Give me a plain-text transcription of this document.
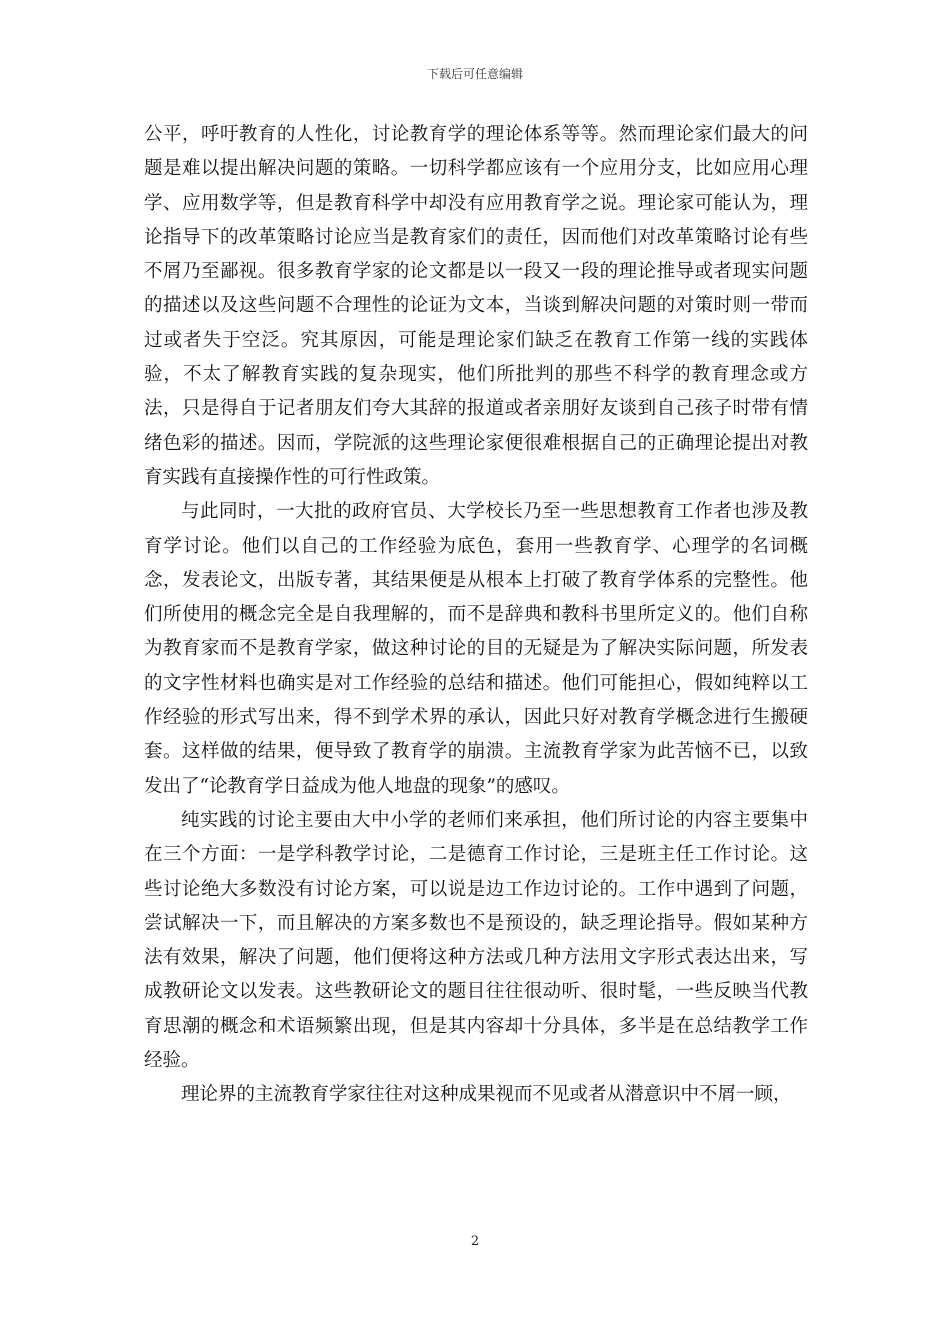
下载后可任意编辑

公平，呼吁教育的人性化，讨论教育学的理论体系等等。然而理论家们最大的问题是难以提出解决问题的策略。一切科学都应该有一个应用分支，比如应用心理学、应用数学等，但是教育科学中却没有应用教育学之说。理论家可能认为，理论指导下的改革策略讨论应当是教育家们的责任，因而他们对改革策略讨论有些不屑乃至鄙视。很多教育学家的论文都是以一段又一段的理论推导或者现实问题的描述以及这些问题不合理性的论证为文本，当谈到解决问题的对策时则一带而过或者失于空泛。究其原因，可能是理论家们缺乏在教育工作第一线的实践体验，不太了解教育实践的复杂现实，他们所批判的那些不科学的教育理念或方法，只是得自于记者朋友们夸大其辞的报道或者亲朋好友谈到自己孩子时带有情绪色彩的描述。因而，学院派的这些理论家便很难根据自己的正确理论提出对教育实践有直接操作性的可行性政策。

与此同时，一大批的政府官员、大学校长乃至一些思想教育工作者也涉及教育学讨论。他们以自己的工作经验为底色，套用一些教育学、心理学的名词概念，发表论文，出版专著，其结果便是从根本上打破了教育学体系的完整性。他们所使用的概念完全是自我理解的，而不是辞典和教科书里所定义的。他们自称为教育家而不是教育学家，做这种讨论的目的无疑是为了解决实际问题，所发表的文字性材料也确实是对工作经验的总结和描述。他们可能担心，假如纯粹以工作经验的形式写出来，得不到学术界的承认，因此只好对教育学概念进行生搬硬套。这样做的结果，便导致了教育学的崩溃。主流教育学家为此苦恼不已，以致发出了“论教育学日益成为他人地盘的现象”的感叹。

纯实践的讨论主要由大中小学的老师们来承担，他们所讨论的内容主要集中在三个方面：一是学科教学讨论，二是德育工作讨论，三是班主任工作讨论。这些讨论绝大多数没有讨论方案，可以说是边工作边讨论的。工作中遇到了问题，尝试解决一下，而且解决的方案多数也不是预设的，缺乏理论指导。假如某种方法有效果，解决了问题，他们便将这种方法或几种方法用文字形式表达出来，写成教研论文以发表。这些教研论文的题目往往很动听、很时髦，一些反映当代教育思潮的概念和术语频繁出现，但是其内容却十分具体，多半是在总结教学工作经验。

理论界的主流教育学家往往对这种成果视而不见或者从潜意识中不屑一顾，

2
